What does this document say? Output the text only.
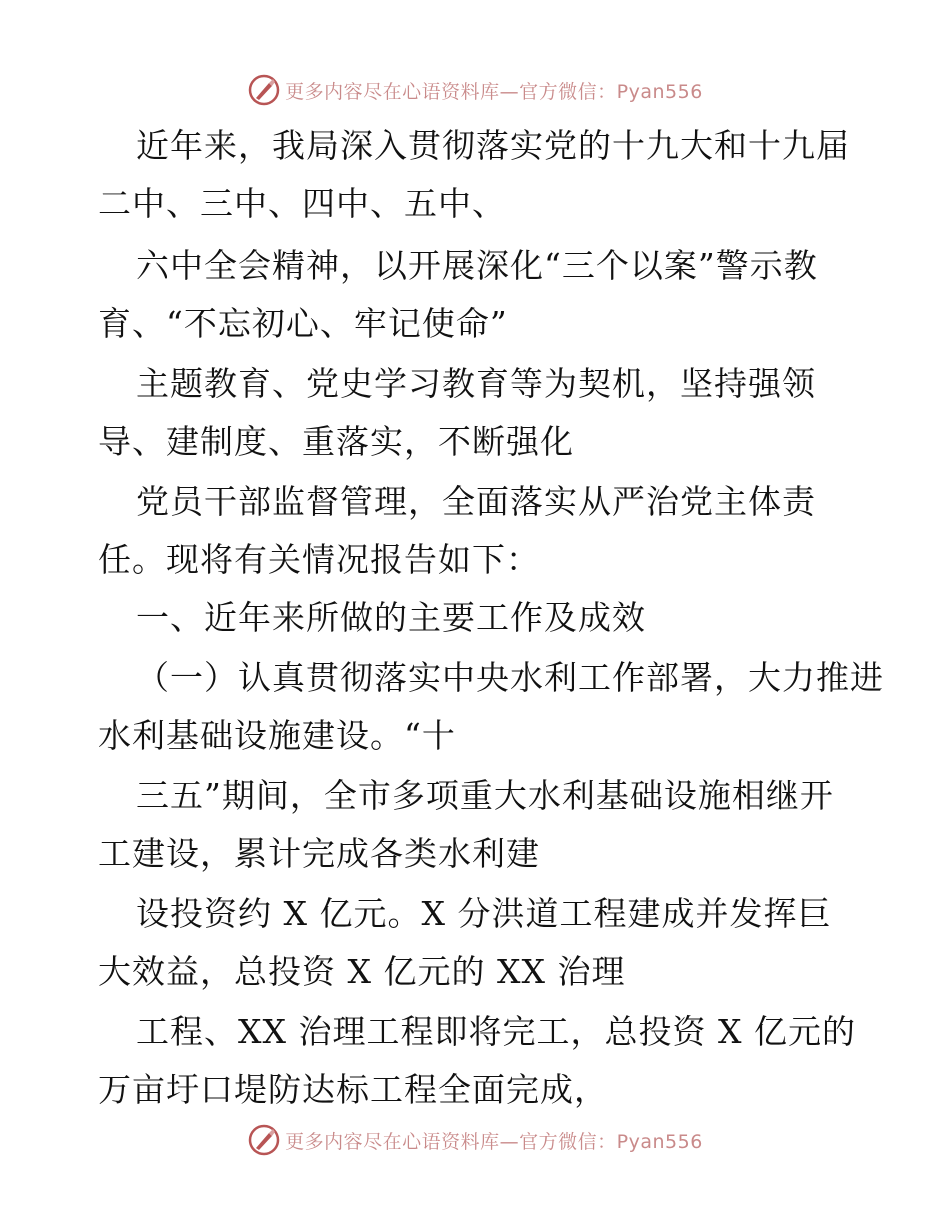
更多内容尽在心语资料库—官方微信：Pyan556
近年来，我局深入贯彻落实党的十九大和十九届
二中、三中、四中、五中、
六中全会精神，以开展深化“三个以案”警示教
育、“不忘初心、牢记使命”
主题教育、党史学习教育等为契机，坚持强领
导、建制度、重落实，不断强化
党员干部监督管理，全面落实从严治党主体责
任。现将有关情况报告如下：
一、近年来所做的主要工作及成效
（一）认真贯彻落实中央水利工作部署，大力推进
水利基础设施建设。“十
三五”期间，全市多项重大水利基础设施相继开
工建设，累计完成各类水利建
设投资约 X 亿元。X 分洪道工程建成并发挥巨
大效益，总投资 X 亿元的 XX 治理
工程、XX 治理工程即将完工，总投资 X 亿元的
万亩圩口堤防达标工程全面完成，
更多内容尽在心语资料库—官方微信：Pyan556
